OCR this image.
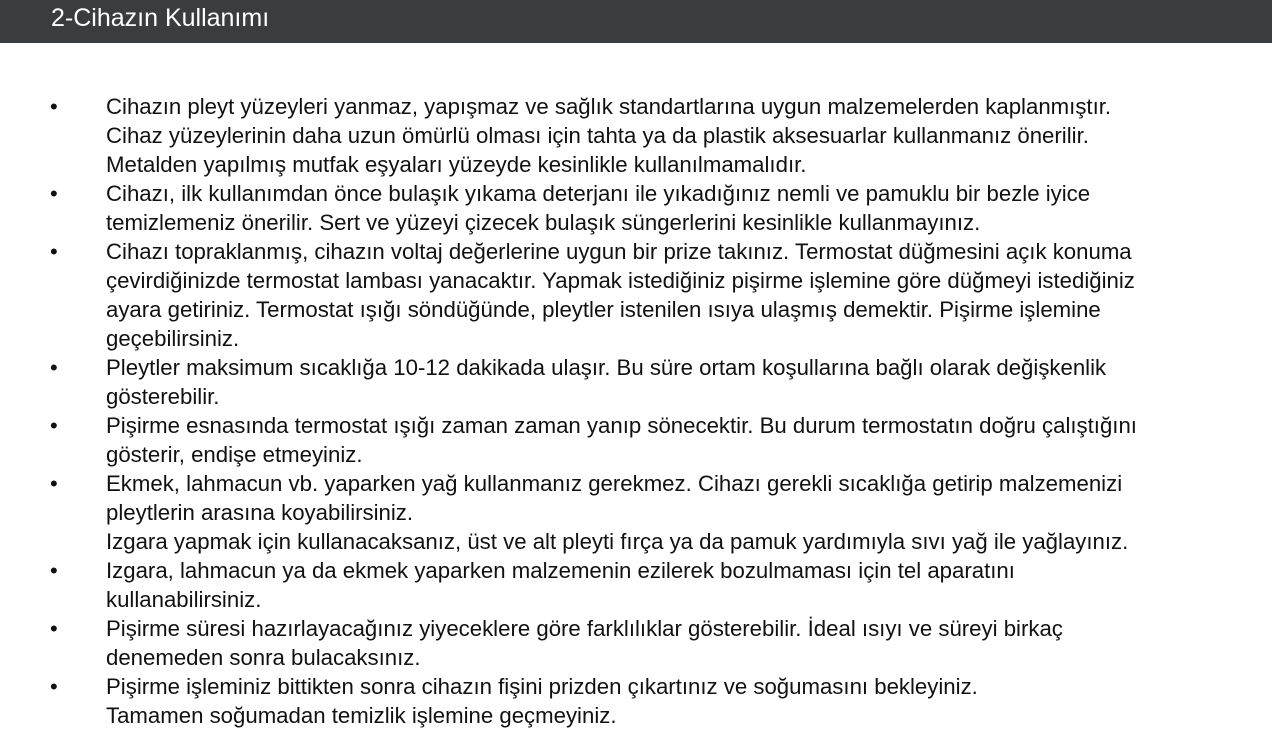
2-Cihazın Kullanımı
• Cihazın pleyt yüzeyleri yanmaz, yapışmaz ve sağlık standartlarına uygun malzemelerden kaplanmıştır.
Cihaz yüzeylerinin daha uzun ömürlü olması için tahta ya da plastik aksesuarlar kullanmanız önerilir.
Metalden yapılmış mutfak eşyaları yüzeyde kesinlikle kullanılmamalıdır.
• Cihazı, ilk kullanımdan önce bulaşık yıkama deterjanı ile yıkadığınız nemli ve pamuklu bir bezle iyice
temizlemeniz önerilir. Sert ve yüzeyi çizecek bulaşık süngerlerini kesinlikle kullanmayınız.
• Cihazı topraklanmış, cihazın voltaj değerlerine uygun bir prize takınız. Termostat düğmesini açık konuma
çevirdiğinizde termostat lambası yanacaktır. Yapmak istediğiniz pişirme işlemine göre düğmeyi istediğiniz
ayara getiriniz. Termostat ışığı söndüğünde, pleytler istenilen ısıya ulaşmış demektir. Pişirme işlemine
geçebilirsiniz.
• Pleytler maksimum sıcaklığa 10-12 dakikada ulaşır. Bu süre ortam koşullarına bağlı olarak değişkenlik
gösterebilir.
• Pişirme esnasında termostat ışığı zaman zaman yanıp sönecektir. Bu durum termostatın doğru çalıştığını
gösterir, endişe etmeyiniz.
• Ekmek, lahmacun vb. yaparken yağ kullanmanız gerekmez. Cihazı gerekli sıcaklığa getirip malzemenizi
pleytlerin arasına koyabilirsiniz.
Izgara yapmak için kullanacaksanız, üst ve alt pleyti fırça ya da pamuk yardımıyla sıvı yağ ile yağlayınız.
• Izgara, lahmacun ya da ekmek yaparken malzemenin ezilerek bozulmaması için tel aparatını
kullanabilirsiniz.
• Pişirme süresi hazırlayacağınız yiyeceklere göre farklılıklar gösterebilir. İdeal ısıyı ve süreyi birkaç
denemeden sonra bulacaksınız.
• Pişirme işleminiz bittikten sonra cihazın fişini prizden çıkartınız ve soğumasını bekleyiniz.
Tamamen soğumadan temizlik işlemine geçmeyiniz.
